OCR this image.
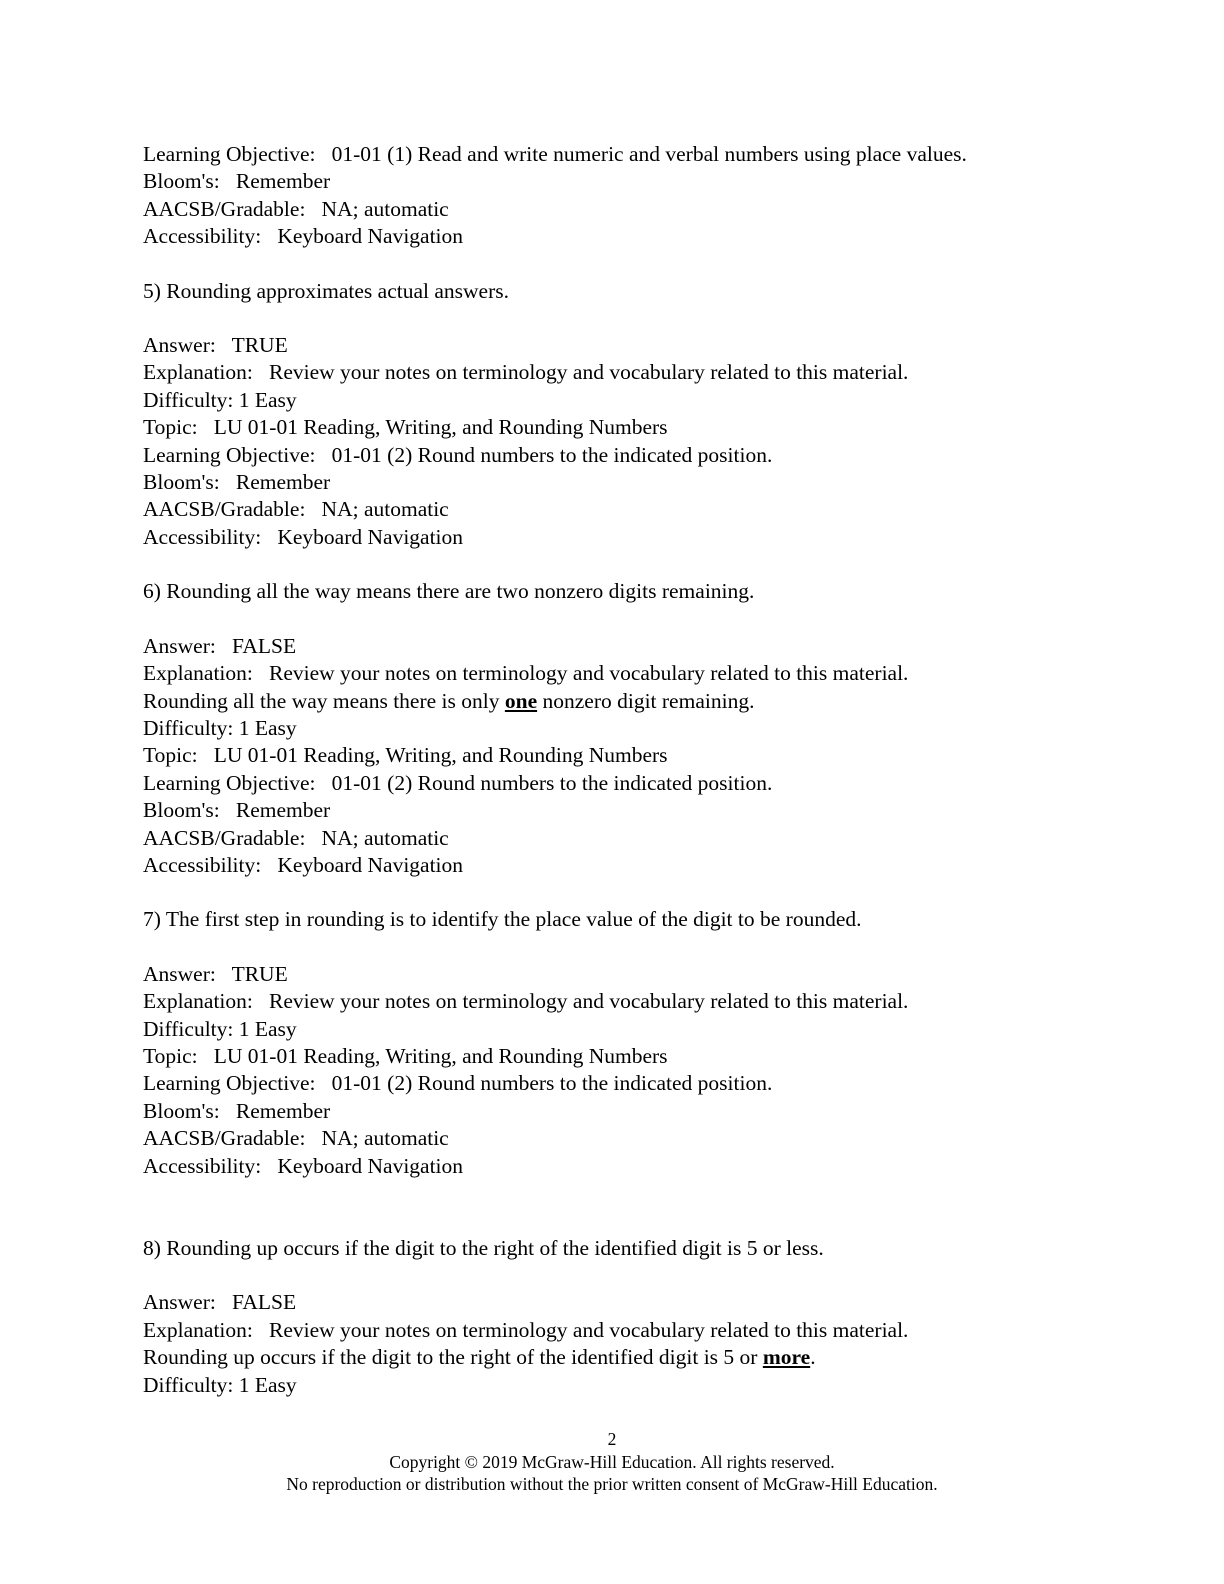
Learning Objective:   01-01 (1) Read and write numeric and verbal numbers using place values.
Bloom's:   Remember
AACSB/Gradable:   NA; automatic
Accessibility:   Keyboard Navigation
5) Rounding approximates actual answers.
Answer:   TRUE
Explanation:   Review your notes on terminology and vocabulary related to this material.
Difficulty: 1 Easy
Topic:   LU 01-01 Reading, Writing, and Rounding Numbers
Learning Objective:   01-01 (2) Round numbers to the indicated position.
Bloom's:   Remember
AACSB/Gradable:   NA; automatic
Accessibility:   Keyboard Navigation
6) Rounding all the way means there are two nonzero digits remaining.
Answer:   FALSE
Explanation:   Review your notes on terminology and vocabulary related to this material.
Rounding all the way means there is only one nonzero digit remaining.
Difficulty: 1 Easy
Topic:   LU 01-01 Reading, Writing, and Rounding Numbers
Learning Objective:   01-01 (2) Round numbers to the indicated position.
Bloom's:   Remember
AACSB/Gradable:   NA; automatic
Accessibility:   Keyboard Navigation
7) The first step in rounding is to identify the place value of the digit to be rounded.
Answer:   TRUE
Explanation:   Review your notes on terminology and vocabulary related to this material.
Difficulty: 1 Easy
Topic:   LU 01-01 Reading, Writing, and Rounding Numbers
Learning Objective:   01-01 (2) Round numbers to the indicated position.
Bloom's:   Remember
AACSB/Gradable:   NA; automatic
Accessibility:   Keyboard Navigation
8) Rounding up occurs if the digit to the right of the identified digit is 5 or less.
Answer:   FALSE
Explanation:   Review your notes on terminology and vocabulary related to this material.
Rounding up occurs if the digit to the right of the identified digit is 5 or more.
Difficulty: 1 Easy
2
Copyright © 2019 McGraw-Hill Education. All rights reserved.
No reproduction or distribution without the prior written consent of McGraw-Hill Education.
